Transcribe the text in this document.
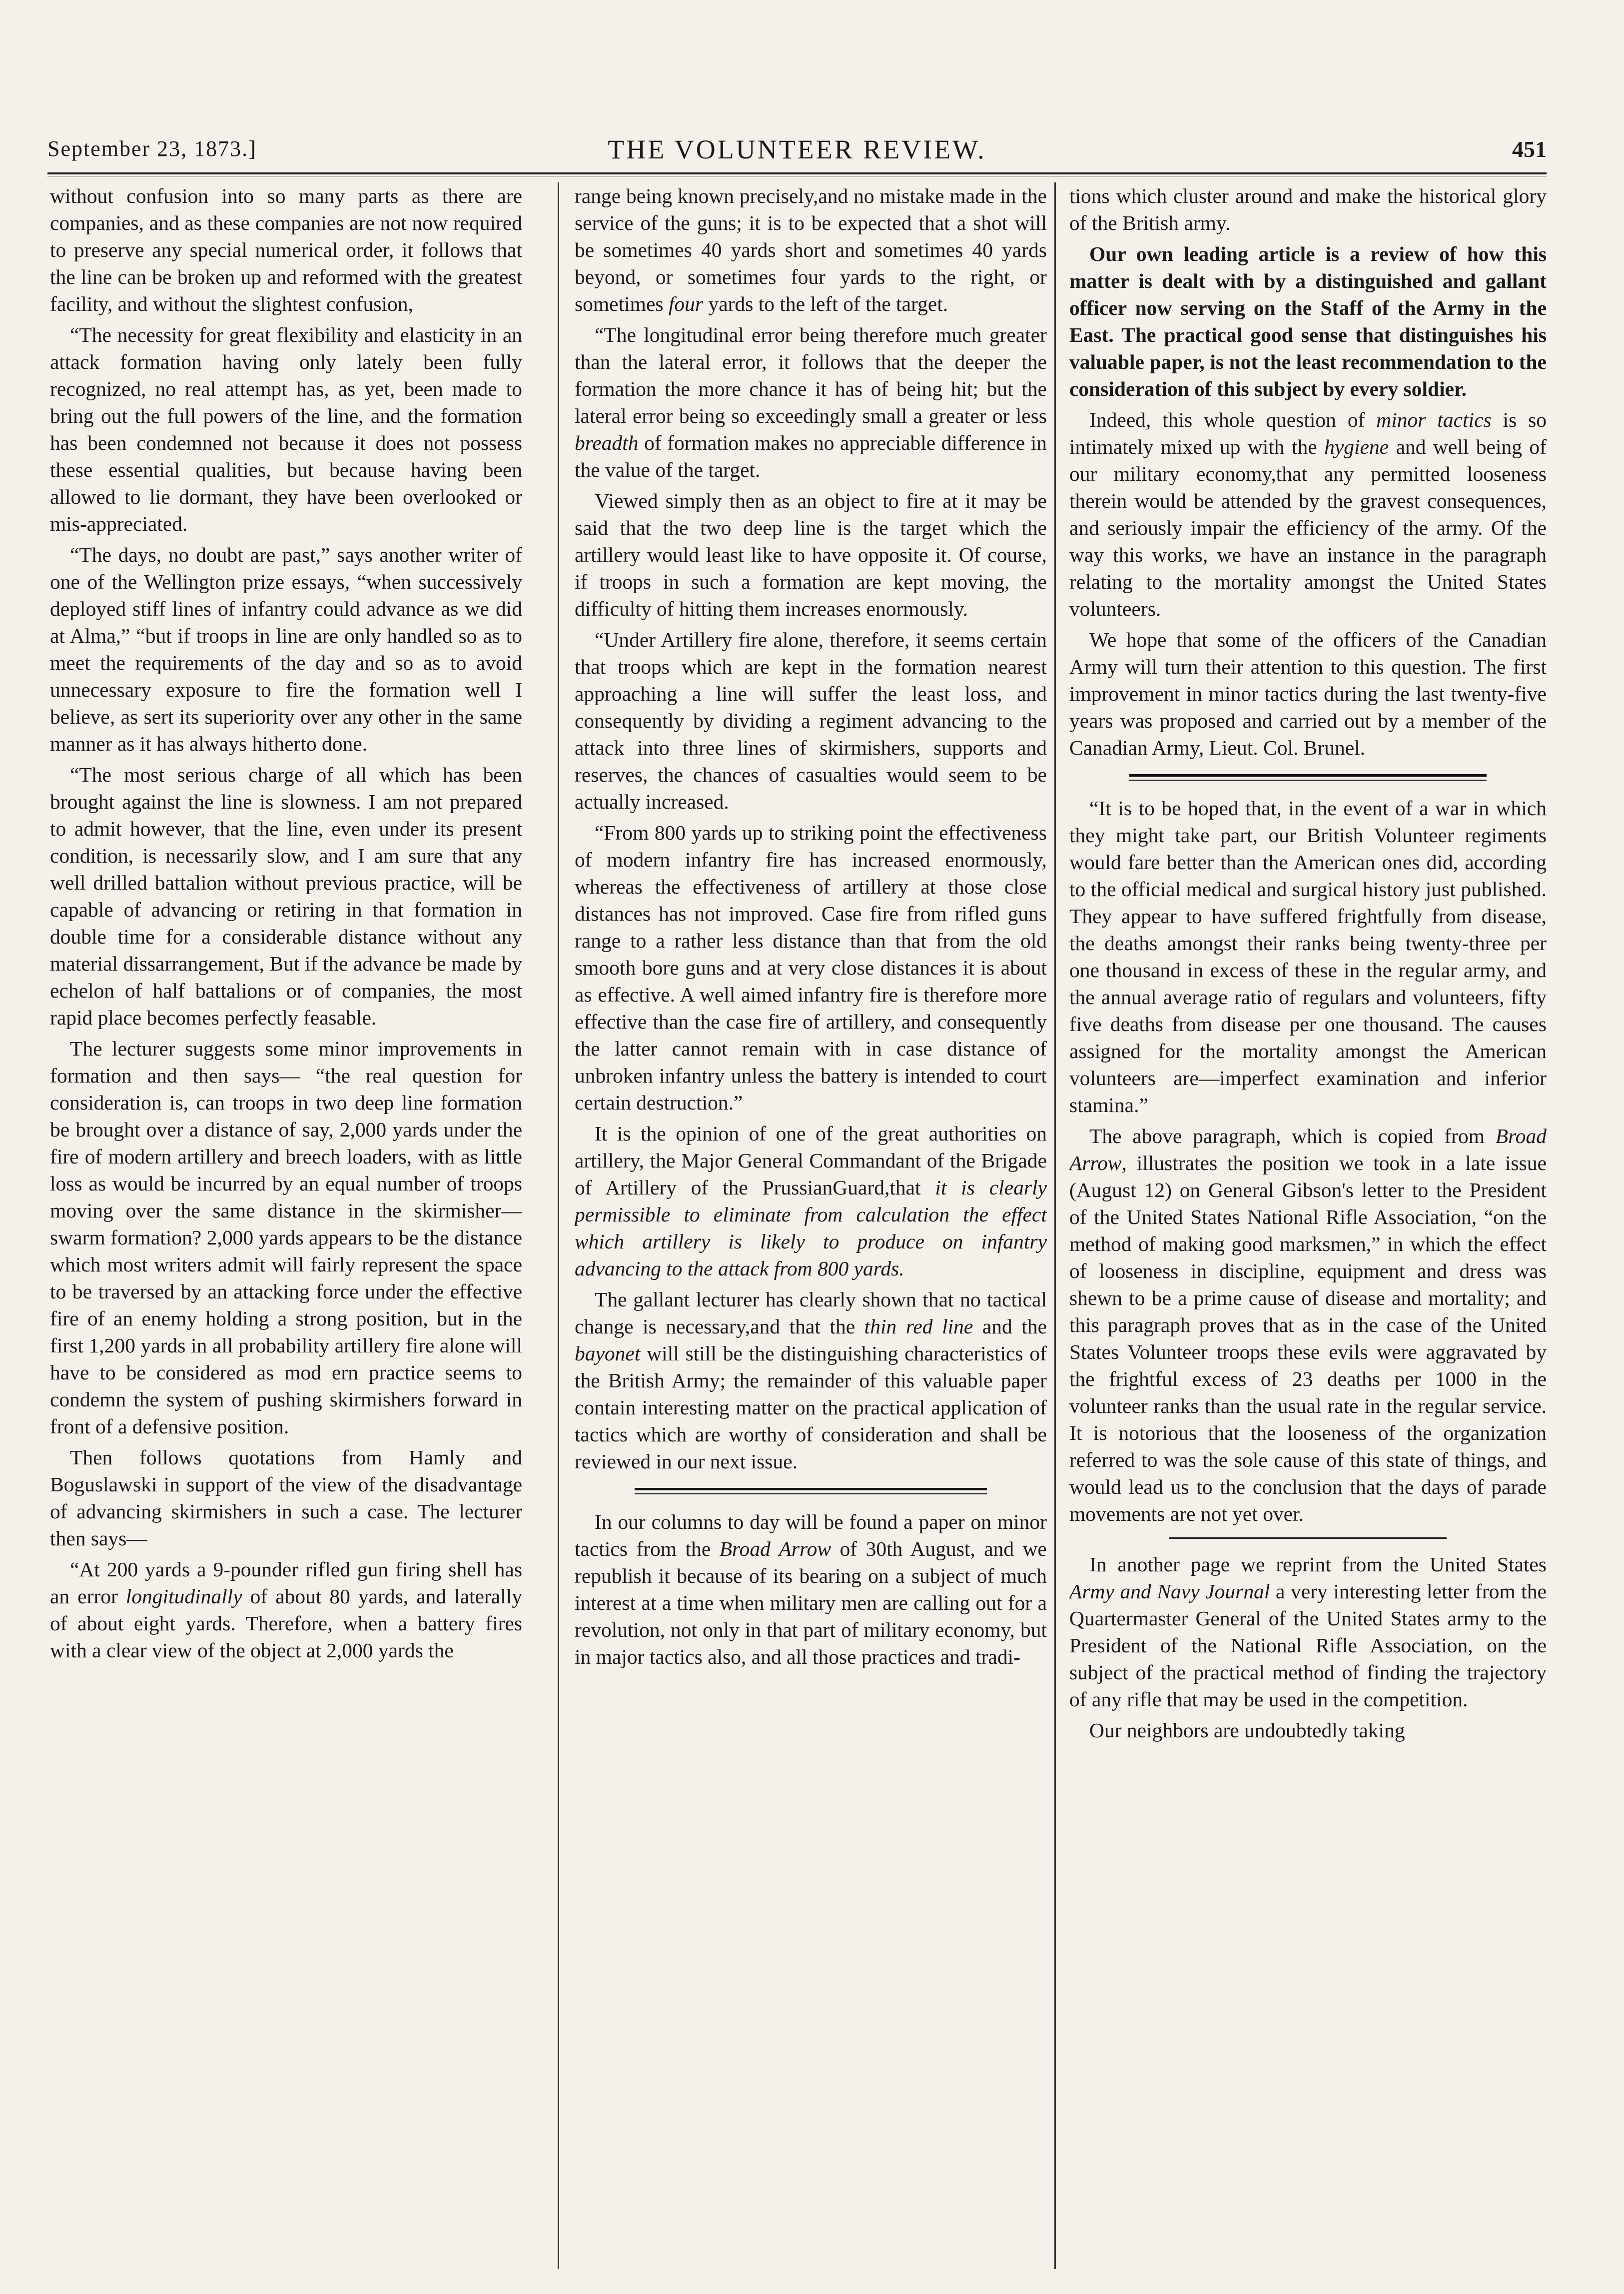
September 23, 1873.]	THE VOLUNTEER REVIEW.	451

without confusion into so many parts as there are companies, and as these companies are not now required to preserve any special numerical order, it follows that the line can be broken up and reformed with the greatest facility, and without the slightest confusion,

“The necessity for great flexibility and elasticity in an attack formation having only lately been fully recognized, no real attempt has, as yet, been made to bring out the full powers of the line, and the formation has been condemned not because it does not possess these essential qualities, but because having been allowed to lie dormant, they have been overlooked or mis-appreciated.

“The days, no doubt are past,” says another writer of one of the Wellington prize essays, “when successively deployed stiff lines of infantry could advance as we did at Alma,” “but if troops in line are only handled so as to meet the requirements of the day and so as to avoid unnecessary exposure to fire the formation well I believe, as sert its superiority over any other in the same manner as it has always hitherto done.

“The most serious charge of all which has been brought against the line is slowness. I am not prepared to admit however, that the line, even under its present condition, is necessarily slow, and I am sure that any well drilled battalion without previous practice, will be capable of advancing or retiring in that formation in double time for a considerable distance without any material dissarrangement, But if the advance be made by echelon of half battalions or of companies, the most rapid place becomes perfectly feasable.

The lecturer suggests some minor improvements in formation and then says— “the real question for consideration is, can troops in two deep line formation be brought over a distance of say, 2,000 yards under the fire of modern artillery and breech loaders, with as little loss as would be incurred by an equal number of troops moving over the same distance in the skirmisher—swarm formation? 2,000 yards appears to be the distance which most writers admit will fairly represent the space to be traversed by an attacking force under the effective fire of an enemy holding a strong position, but in the first 1,200 yards in all probability artillery fire alone will have to be considered as mod ern practice seems to condemn the system of pushing skirmishers forward in front of a defensive position.

Then follows quotations from Hamly and Boguslawski in support of the view of the disadvantage of advancing skirmishers in such a case. The lecturer then says—

“At 200 yards a 9-pounder rifled gun firing shell has an error longitudinally of about 80 yards, and laterally of about eight yards. Therefore, when a battery fires with a clear view of the object at 2,000 yards the

range being known precisely,and no mistake made in the service of the guns; it is to be expected that a shot will be sometimes 40 yards short and sometimes 40 yards beyond, or sometimes four yards to the right, or sometimes four yards to the left of the target.

“The longitudinal error being therefore much greater than the lateral error, it follows that the deeper the formation the more chance it has of being hit; but the lateral error being so exceedingly small a greater or less breadth of formation makes no appreciable difference in the value of the target.

Viewed simply then as an object to fire at it may be said that the two deep line is the target which the artillery would least like to have opposite it. Of course, if troops in such a formation are kept moving, the difficulty of hitting them increases enormously.

“Under Artillery fire alone, therefore, it seems certain that troops which are kept in the formation nearest approaching a line will suffer the least loss, and consequently by dividing a regiment advancing to the attack into three lines of skirmishers, supports and reserves, the chances of casualties would seem to be actually increased.

“From 800 yards up to striking point the effectiveness of modern infantry fire has increased enormously, whereas the effectiveness of artillery at those close distances has not improved. Case fire from rifled guns range to a rather less distance than that from the old smooth bore guns and at very close distances it is about as effective. A well aimed infantry fire is therefore more effective than the case fire of artillery, and consequently the latter cannot remain with in case distance of unbroken infantry unless the battery is intended to court certain destruction.”

It is the opinion of one of the great authorities on artillery, the Major General Commandant of the Brigade of Artillery of the PrussianGuard,that it is clearly permissible to eliminate from calculation the effect which artillery is likely to produce on infantry advancing to the attack from 800 yards.

The gallant lecturer has clearly shown that no tactical change is necessary,and that the thin red line and the bayonet will still be the distinguishing characteristics of the British Army; the remainder of this valuable paper contain interesting matter on the practical application of tactics which are worthy of consideration and shall be reviewed in our next issue.

In our columns to day will be found a paper on minor tactics from the Broad Arrow of 30th August, and we republish it because of its bearing on a subject of much interest at a time when military men are calling out for a revolution, not only in that part of military economy, but in major tactics also, and all those practices and tradi-

tions which cluster around and make the historical glory of the British army.

Our own leading article is a review of how this matter is dealt with by a distinguished and gallant officer now serving on the Staff of the Army in the East. The practical good sense that distinguishes his valuable paper, is not the least recommendation to the consideration of this subject by every soldier.

Indeed, this whole question of minor tactics is so intimately mixed up with the hygiene and well being of our military economy,that any permitted looseness therein would be attended by the gravest consequences, and seriously impair the efficiency of the army. Of the way this works, we have an instance in the paragraph relating to the mortality amongst the United States volunteers.

We hope that some of the officers of the Canadian Army will turn their attention to this question. The first improvement in minor tactics during the last twenty-five years was proposed and carried out by a member of the Canadian Army, Lieut. Col. Brunel.

“It is to be hoped that, in the event of a war in which they might take part, our British Volunteer regiments would fare better than the American ones did, according to the official medical and surgical history just published. They appear to have suffered frightfully from disease, the deaths amongst their ranks being twenty-three per one thousand in excess of these in the regular army, and the annual average ratio of regulars and volunteers, fifty five deaths from disease per one thousand. The causes assigned for the mortality amongst the American volunteers are—imperfect examination and inferior stamina.”

The above paragraph, which is copied from Broad Arrow, illustrates the position we took in a late issue (August 12) on General Gibson's letter to the President of the United States National Rifle Association, “on the method of making good marksmen,” in which the effect of looseness in discipline, equipment and dress was shewn to be a prime cause of disease and mortality; and this paragraph proves that as in the case of the United States Volunteer troops these evils were aggravated by the frightful excess of 23 deaths per 1000 in the volunteer ranks than the usual rate in the regular service. It is notorious that the looseness of the organization referred to was the sole cause of this state of things, and would lead us to the conclusion that the days of parade movements are not yet over.

In another page we reprint from the United States Army and Navy Journal a very interesting letter from the Quartermaster General of the United States army to the President of the National Rifle Association, on the subject of the practical method of finding the trajectory of any rifle that may be used in the competition.

Our neighbors are undoubtedly taking
